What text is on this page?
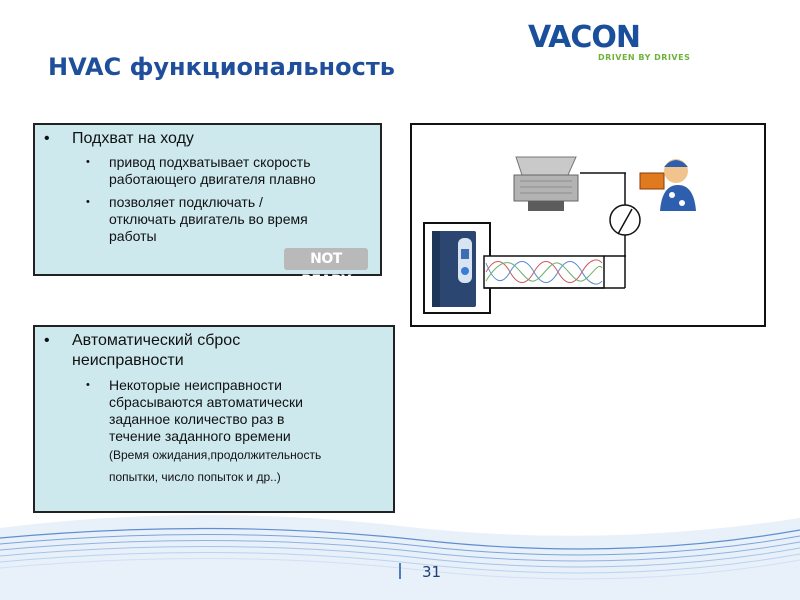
VACON
DRIVEN BY DRIVES
HVAC функциональность
• Подхват на ходу
• привод подхватывает скорость
работающего двигателя плавно
• позволяет подключать /
отключать двигатель во время
работы
NOT READY
• Автоматический сброс
неисправности
• Некоторые неисправности
сбрасываются автоматически
заданное количество раз в
течение заданного времени
(Время ожидания,продолжительность
попытки, число попыток и др..)
31
